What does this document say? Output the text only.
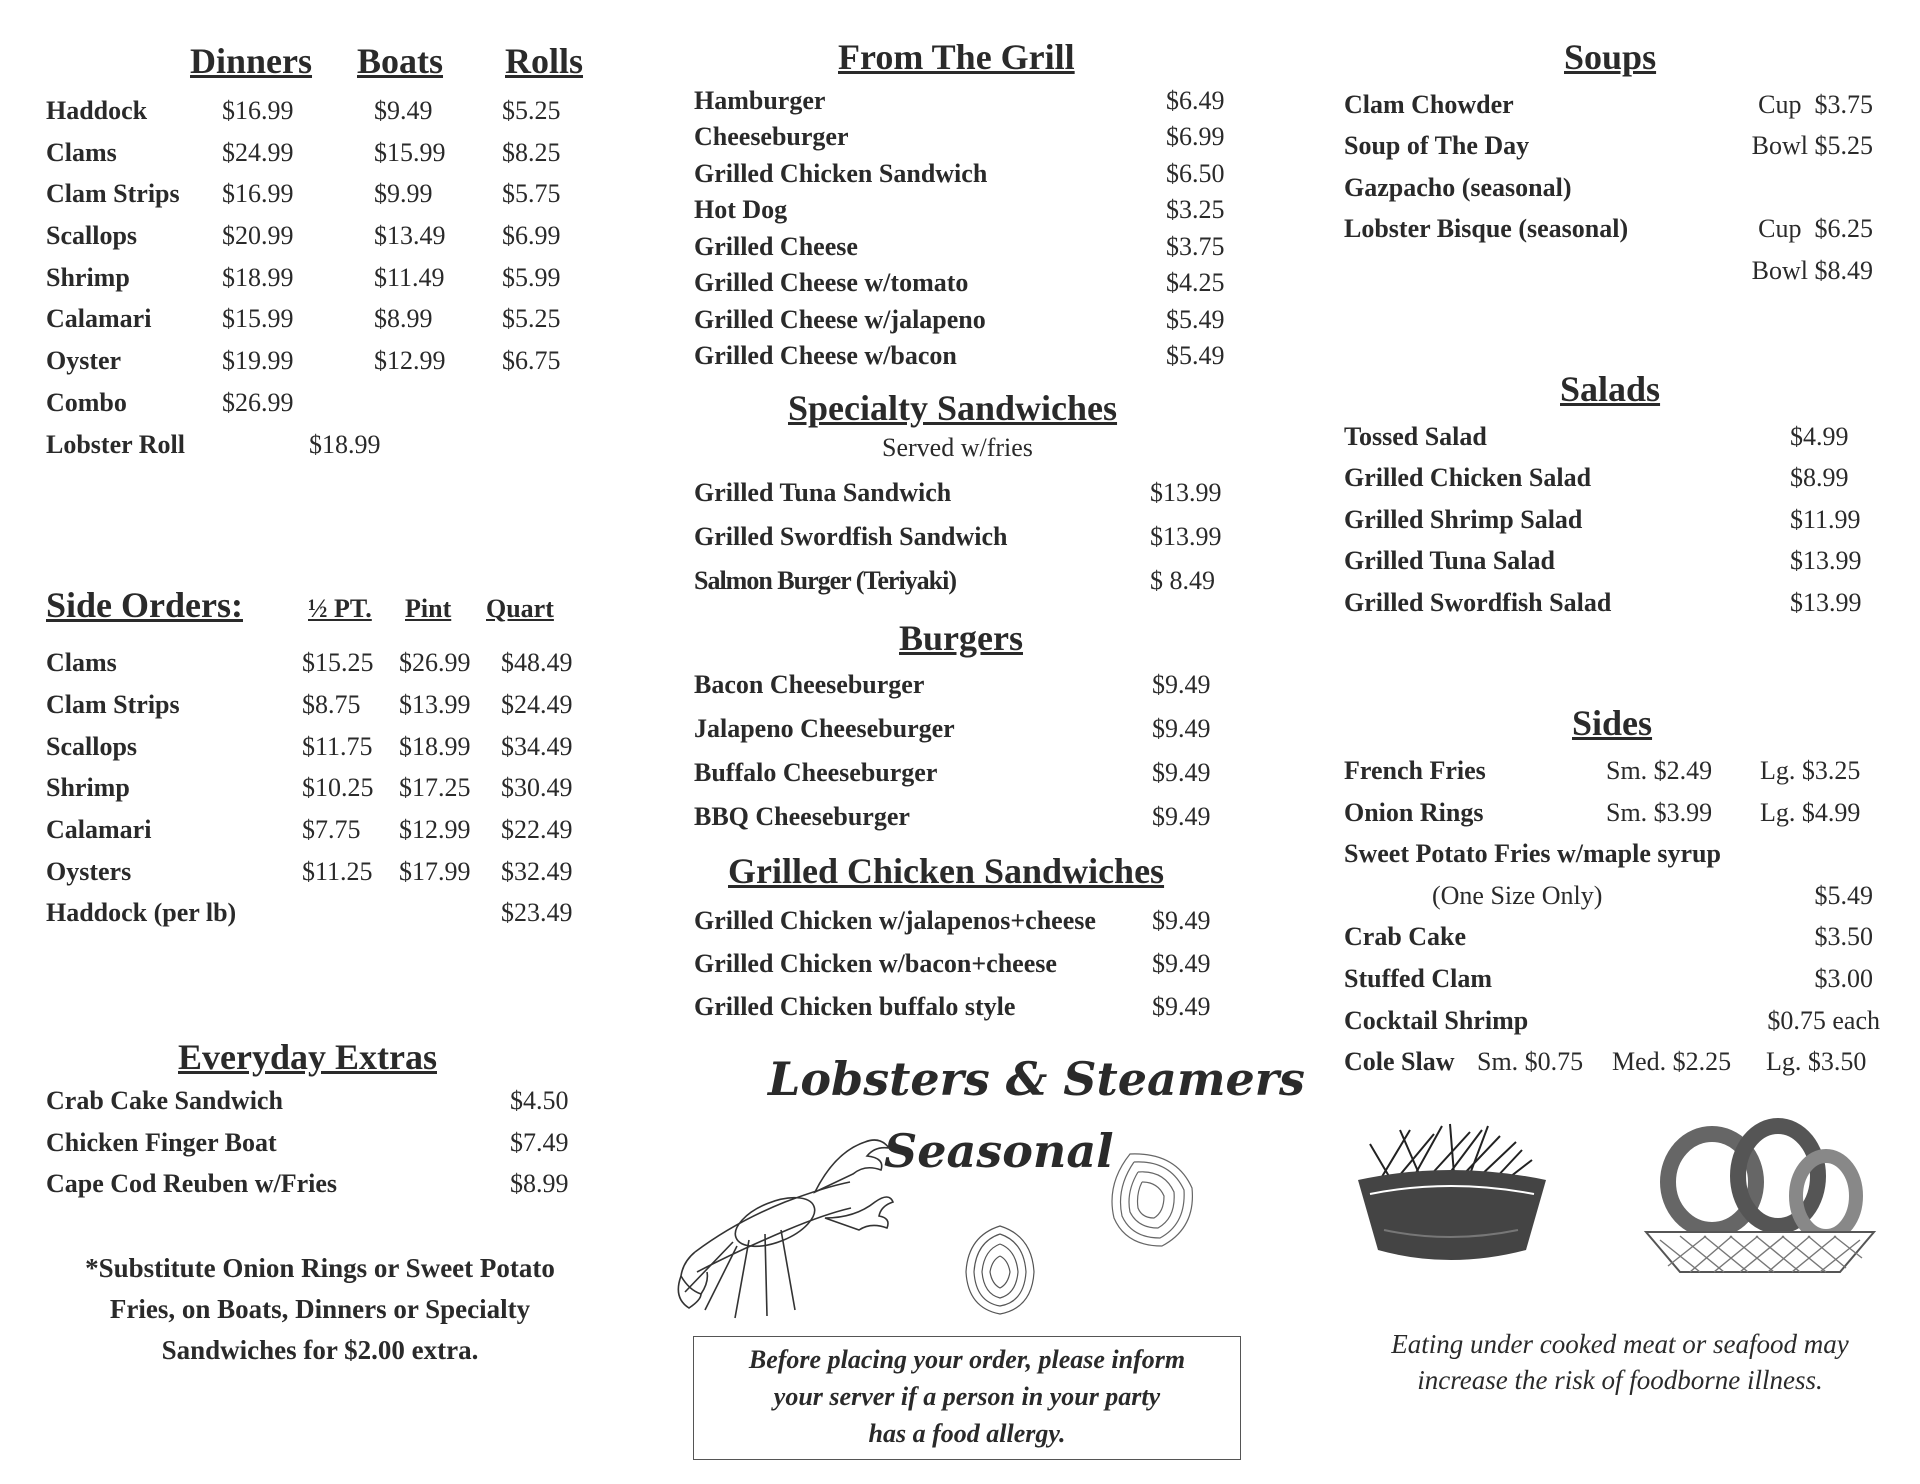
Dinners Boats Rolls
Haddock	$16.99	$9.49	$5.25
Clams	$24.99	$15.99 $8.25
Clam Strips $16.99	$9.99	$5.75
Scallops	$20.99	$13.49 $6.99
Shrimp	$18.99	$11.49 $5.99
Calamari	$15.99	$8.99	$5.25
Oyster	$19.99	$12.99 $6.75
Combo	$26.99
Lobster Roll	$18.99
Side Orders:	½ PT. Pint Quart
Clams	$15.25 $26.99 $48.49
Clam Strips	$8.75 $13.99 $24.49
Scallops	$11.75 $18.99 $34.49
Shrimp	$10.25 $17.25 $30.49
Calamari	$7.75 $12.99 $22.49
Oysters	$11.25 $17.99 $32.49
Haddock (per lb)	$23.49
Everyday Extras
Crab Cake Sandwich	$4.50
Chicken Finger Boat	$7.49
Cape Cod Reuben w/Fries	$8.99
*Substitute Onion Rings or Sweet Potato
Fries, on Boats, Dinners or Specialty
Sandwiches for $2.00 extra.
From The Grill
Hamburger	$6.49
Cheeseburger	$6.99
Grilled Chicken Sandwich	$6.50
Hot Dog	$3.25
Grilled Cheese	$3.75
Grilled Cheese w/tomato	$4.25
Grilled Cheese w/jalapeno	$5.49
Grilled Cheese w/bacon	$5.49
Specialty Sandwiches
Served w/fries
Grilled Tuna Sandwich	$13.99
Grilled Swordfish Sandwich	$13.99
Salmon Burger (Teriyaki)	$ 8.49
Burgers
Bacon Cheeseburger	$9.49
Jalapeno Cheeseburger	$9.49
Buffalo Cheeseburger	$9.49
BBQ Cheeseburger	$9.49
Grilled Chicken Sandwiches
Grilled Chicken w/jalapenos+cheese $9.49
Grilled Chicken w/bacon+cheese	$9.49
Grilled Chicken buffalo style	$9.49
Lobsters & Steamers
Seasonal
Before placing your order, please inform
your server if a person in your party
has a food allergy.
Soups
Clam Chowder	Cup  $3.75
Soup of The Day	Bowl $5.25
Gazpacho (seasonal)
Lobster Bisque (seasonal)	Cup  $6.25
Bowl $8.49
Salads
Tossed Salad	$4.99
Grilled Chicken Salad	$8.99
Grilled Shrimp Salad	$11.99
Grilled Tuna Salad	$13.99
Grilled Swordfish Salad	$13.99
Sides
French Fries	Sm. $2.49 Lg. $3.25
Onion Rings	Sm. $3.99 Lg. $4.99
Sweet Potato Fries w/maple syrup
(One Size Only)	$5.49
Crab Cake	$3.50
Stuffed Clam	$3.00
Cocktail Shrimp	$0.75 each
Cole Slaw Sm. $0.75 Med. $2.25 Lg. $3.50
Eating under cooked meat or seafood may
increase the risk of foodborne illness.
